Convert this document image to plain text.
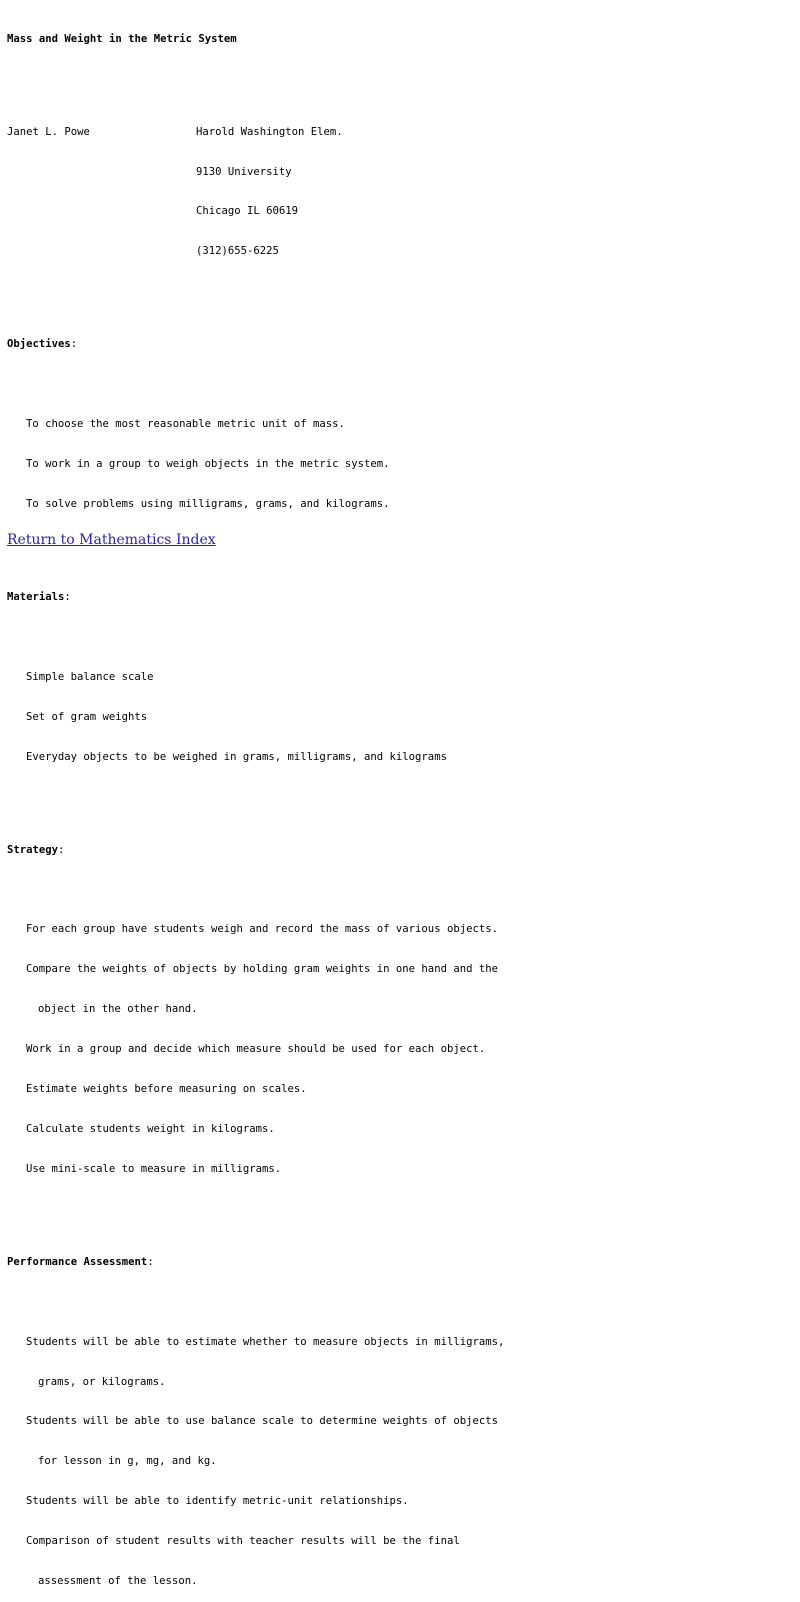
Mass and Weight in the Metric System

Janet L. Powe	Harold Washington Elem.

9130 University

Chicago IL 60619

(312)655-6225

Objectives:

To choose the most reasonable metric unit of mass.

To work in a group to weigh objects in the metric system.

To solve problems using milligrams, grams, and kilograms.

Materials:

Simple balance scale

Set of gram weights

Everyday objects to be weighed in grams, milligrams, and kilograms

Strategy:

For each group have students weigh and record the mass of various objects.

Compare the weights of objects by holding gram weights in one hand and the

object in the other hand.

Work in a group and decide which measure should be used for each object.

Estimate weights before measuring on scales.

Calculate students weight in kilograms.

Use mini-scale to measure in milligrams.

Performance Assessment:

Students will be able to estimate whether to measure objects in milligrams,

grams, or kilograms.

Students will be able to use balance scale to determine weights of objects

for lesson in g, mg, and kg.

Students will be able to identify metric-unit relationships.

Comparison of student results with teacher results will be the final

assessment of the lesson.

Return to Mathematics Index
